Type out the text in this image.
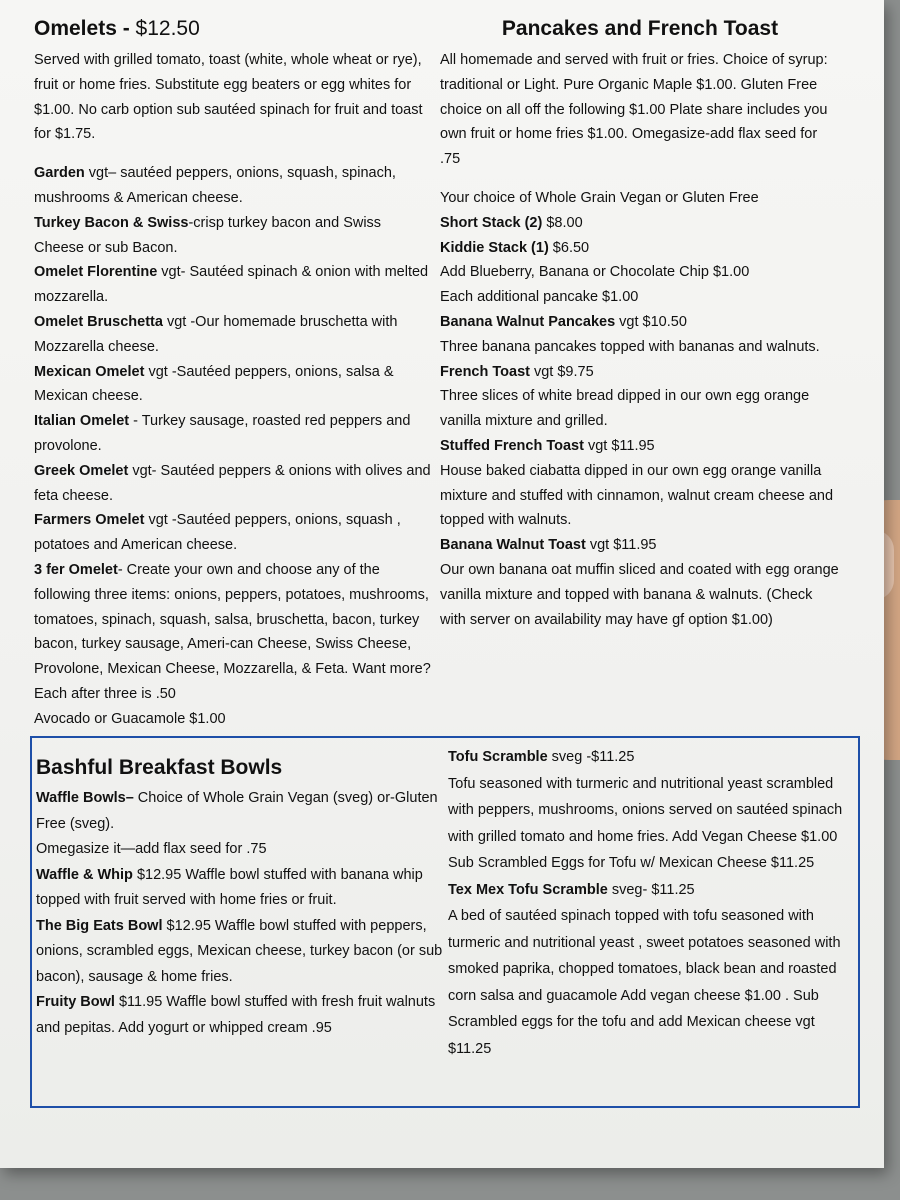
Omelets - $12.50

Served with grilled tomato, toast (white, whole wheat or rye), fruit or home fries. Substitute egg beaters or egg whites for $1.00. No carb option sub sautéed spinach for fruit and toast for $1.75.

Garden vgt– sautéed peppers, onions, squash, spinach, mushrooms & American cheese.

Turkey Bacon & Swiss-crisp turkey bacon and Swiss Cheese or sub Bacon.

Omelet Florentine vgt- Sautéed spinach & onion with melted mozzarella.

Omelet Bruschetta vgt -Our homemade bruschetta with Mozzarella cheese.

Mexican Omelet vgt -Sautéed peppers, onions, salsa & Mexican cheese.

Italian Omelet - Turkey sausage, roasted red peppers and provolone.

Greek Omelet vgt- Sautéed peppers & onions with olives and feta cheese.

Farmers Omelet vgt -Sautéed peppers, onions, squash , potatoes and American cheese.

3 fer Omelet- Create your own and choose any of the following three items: onions, peppers, potatoes, mushrooms, tomatoes, spinach, squash, salsa, bruschetta, bacon, turkey bacon, turkey sausage, Ameri-can Cheese, Swiss Cheese, Provolone, Mexican Cheese, Mozzarella, & Feta. Want more? Each after three is .50

Avocado or Guacamole $1.00

Pancakes and French Toast

All homemade and served with fruit or fries. Choice of syrup: traditional or Light. Pure Organic Maple $1.00. Gluten Free choice on all off the following $1.00 Plate share includes you own fruit or home fries $1.00. Omegasize-add flax seed for .75

Your choice of Whole Grain Vegan or Gluten Free

Short Stack (2) $8.00

Kiddie Stack (1) $6.50

Add Blueberry, Banana or Chocolate Chip $1.00

Each additional pancake $1.00

Banana Walnut Pancakes vgt $10.50

Three banana pancakes topped with bananas and walnuts.

French Toast vgt $9.75

Three slices of white bread dipped in our own egg orange vanilla mixture and grilled.

Stuffed French Toast vgt $11.95

House baked ciabatta dipped in our own egg orange vanilla mixture and stuffed with cinnamon, walnut cream cheese and topped with walnuts.

Banana Walnut Toast vgt $11.95

Our own banana oat muffin sliced and coated with egg orange vanilla mixture and topped with banana & walnuts. (Check with server on availability may have gf option $1.00)

Bashful Breakfast Bowls

Waffle Bowls– Choice of Whole Grain Vegan (sveg) or-Gluten Free (sveg).

Omegasize it—add flax seed for .75

Waffle & Whip $12.95 Waffle bowl stuffed with banana whip topped with fruit served with home fries or fruit.

The Big Eats Bowl $12.95 Waffle bowl stuffed with peppers, onions, scrambled eggs, Mexican cheese, turkey bacon (or sub bacon), sausage & home fries.

Fruity Bowl $11.95 Waffle bowl stuffed with fresh fruit walnuts and pepitas. Add yogurt or whipped cream .95

Tofu Scramble sveg -$11.25

Tofu seasoned with turmeric and nutritional yeast scrambled with peppers, mushrooms, onions served on sautéed spinach with grilled tomato and home fries. Add Vegan Cheese $1.00 Sub Scrambled Eggs for Tofu w/ Mexican Cheese $11.25

Tex Mex Tofu Scramble sveg- $11.25

A bed of sautéed spinach topped with tofu seasoned with turmeric and nutritional yeast , sweet potatoes seasoned with smoked paprika, chopped tomatoes, black bean and roasted corn salsa and guacamole Add vegan cheese $1.00 . Sub Scrambled eggs for the tofu and add Mexican cheese vgt $11.25
